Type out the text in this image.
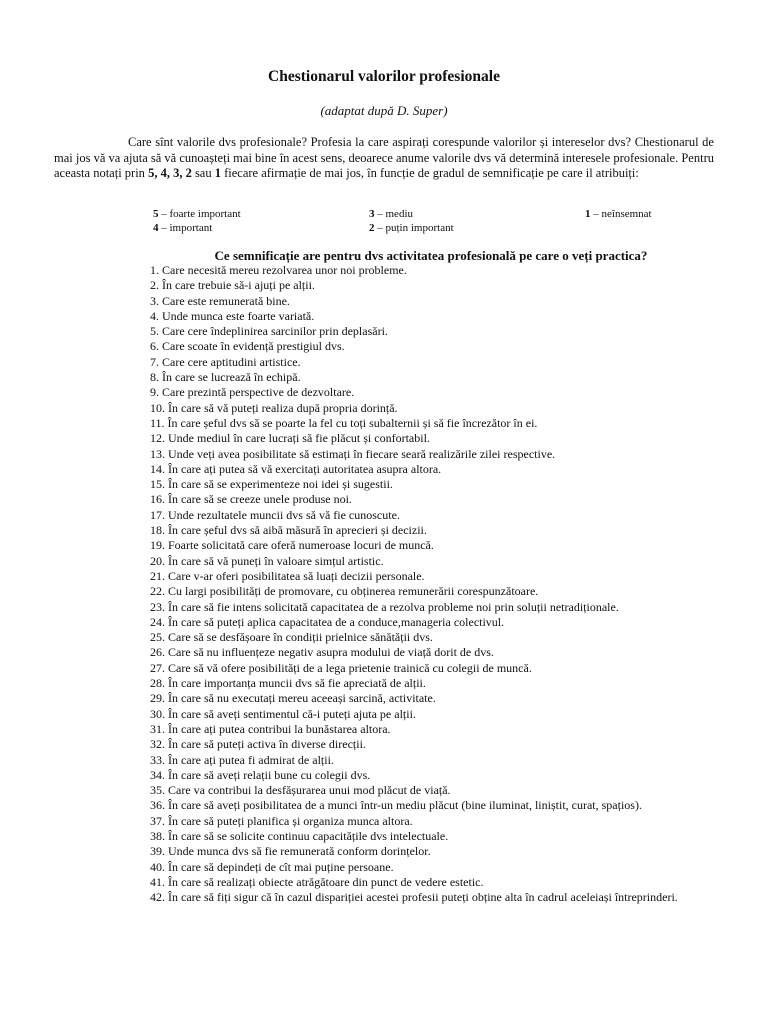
Chestionarul valorilor profesionale
(adaptat după D. Super)
Care sînt valorile dvs profesionale? Profesia la care aspirați corespunde valorilor și intereselor dvs? Chestionarul de mai jos vă va ajuta să vă cunoașteți mai bine în acest sens, deoarece anume valorile dvs vă determină interesele profesionale. Pentru aceasta notați prin 5, 4, 3, 2 sau 1 fiecare afirmație de mai jos, în funcție de gradul de semnificație pe care il atribuiți:
5 – foarte important	3 – mediu	1 – neînsemnat
4 – important	2 – puțin important
Ce semnificație are pentru dvs activitatea profesională pe care o veți practica?
1. Care necesită mereu rezolvarea unor noi probleme.
2. În care trebuie să-i ajuți pe alții.
3. Care este remunerată bine.
4. Unde munca este foarte variată.
5. Care cere îndeplinirea sarcinilor prin deplasări.
6. Care scoate în evidență prestigiul dvs.
7. Care cere aptitudini artistice.
8. În care se lucrează în echipă.
9. Care prezintă perspective de dezvoltare.
10. În care să vă puteți realiza după propria dorință.
11. În care șeful dvs să se poarte la fel cu toți subalternii și să fie încrezător în ei.
12. Unde mediul în care lucrați să fie plăcut și confortabil.
13. Unde veți avea posibilitate să estimați în fiecare seară realizările zilei respective.
14. În care ați putea să vă exercitați autoritatea asupra altora.
15. În care să se experimenteze noi idei și sugestii.
16. În care să se creeze unele produse noi.
17. Unde rezultatele muncii dvs să vă fie cunoscute.
18. În care șeful dvs să aibă măsură în aprecieri și decizii.
19. Foarte solicitată care oferă numeroase locuri de muncă.
20. În care să vă puneți în valoare simțul artistic.
21. Care v-ar oferi posibilitatea să luați decizii personale.
22. Cu largi posibilități de promovare, cu obținerea remunerării corespunzătoare.
23. În care să fie intens solicitată capacitatea de a rezolva probleme noi prin soluții netradiționale.
24. În care să puteți aplica capacitatea de a conduce,manageria colectivul.
25. Care să se desfășoare în condiții prielnice sănătății dvs.
26. Care să nu influențeze negativ asupra modului de viață dorit de dvs.
27. Care să vă ofere posibilități de a lega prietenie trainică cu colegii de muncă.
28. În care importanța muncii dvs să fie apreciată de alții.
29. În care să nu executați mereu aceeași sarcină, activitate.
30. În care să aveți sentimentul că-i puteți ajuta pe alții.
31. În care ați putea contribui la bunăstarea altora.
32. În care să puteți activa în diverse direcții.
33. În care ați putea fi admirat de alții.
34. În care să aveți relații bune cu colegii dvs.
35. Care va contribui la desfășurarea unui mod plăcut de viață.
36. În care să aveți posibilitatea de a munci într-un mediu plăcut (bine iluminat, liniștit, curat, spațios).
37. În care să puteți planifica și organiza munca altora.
38. În care să se solicite continuu capacitățile dvs intelectuale.
39. Unde munca dvs să fie remunerată conform dorințelor.
40. În care să depindeți de cît mai puține persoane.
41. În care să realizați obiecte atrăgătoare din punct de vedere estetic.
42. În care să fiți sigur că în cazul dispariției acestei profesii puteți obține alta în cadrul aceleiași întreprinderi.
